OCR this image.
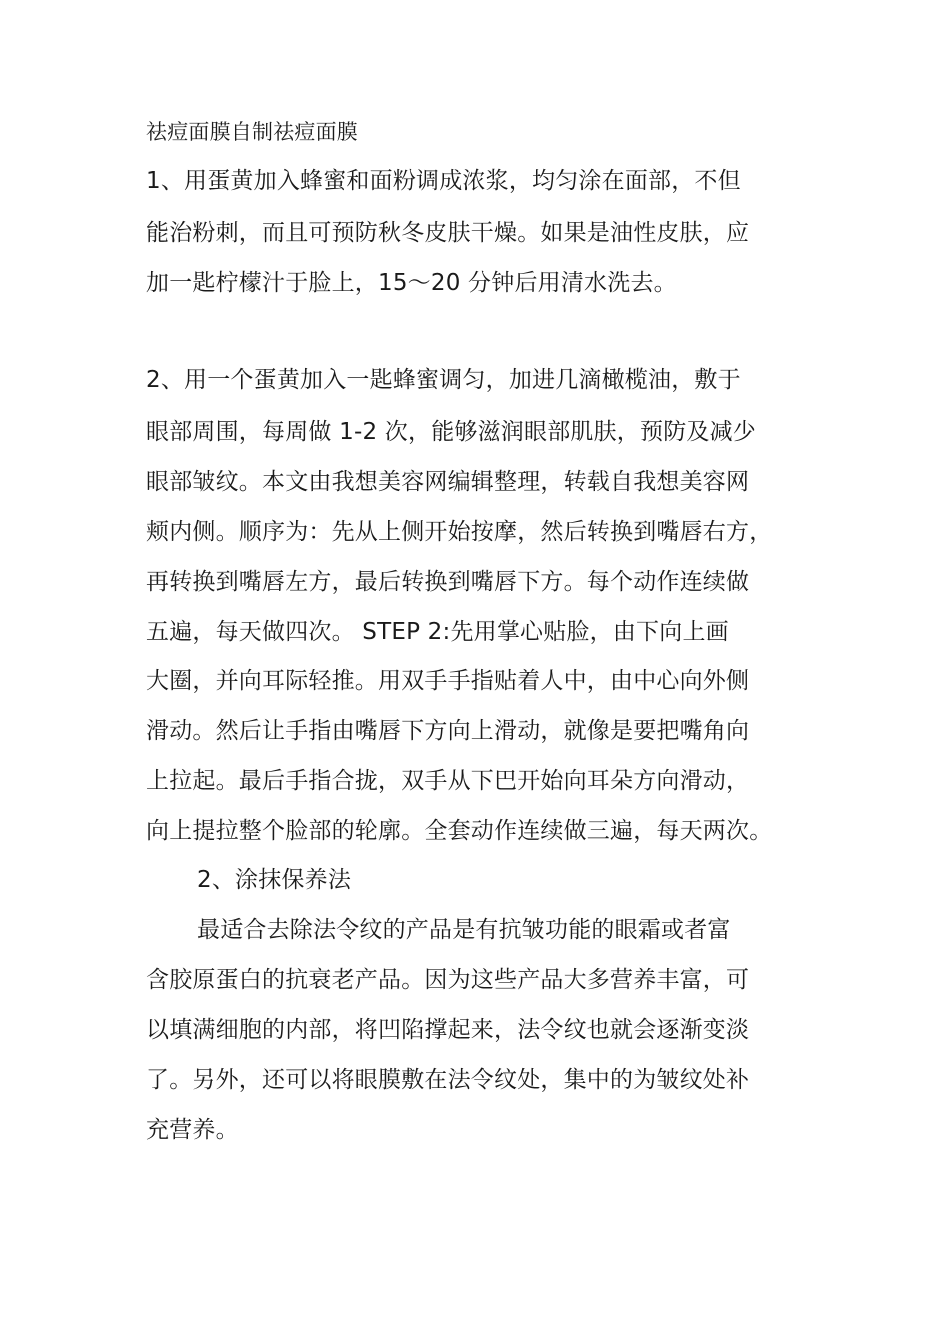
祛痘面膜自制祛痘面膜
1、用蛋黄加入蜂蜜和面粉调成浓浆，均匀涂在面部，不但
能治粉刺，而且可预防秋冬皮肤干燥。如果是油性皮肤，应
加一匙柠檬汁于脸上，15～20 分钟后用清水洗去。
2、用一个蛋黄加入一匙蜂蜜调匀，加进几滴橄榄油，敷于
眼部周围，每周做 1-2 次，能够滋润眼部肌肤，预防及减少
眼部皱纹。本文由我想美容网编辑整理，转载自我想美容网
颊内侧。顺序为：先从上侧开始按摩，然后转换到嘴唇右方，
再转换到嘴唇左方，最后转换到嘴唇下方。每个动作连续做
五遍，每天做四次。 STEP 2:先用掌心贴脸，由下向上画
大圈，并向耳际轻推。用双手手指贴着人中，由中心向外侧
滑动。然后让手指由嘴唇下方向上滑动，就像是要把嘴角向
上拉起。最后手指合拢，双手从下巴开始向耳朵方向滑动，
向上提拉整个脸部的轮廓。全套动作连续做三遍，每天两次。
2、涂抹保养法
最适合去除法令纹的产品是有抗皱功能的眼霜或者富
含胶原蛋白的抗衰老产品。因为这些产品大多营养丰富，可
以填满细胞的内部，将凹陷撑起来，法令纹也就会逐渐变淡
了。另外，还可以将眼膜敷在法令纹处，集中的为皱纹处补
充营养。
